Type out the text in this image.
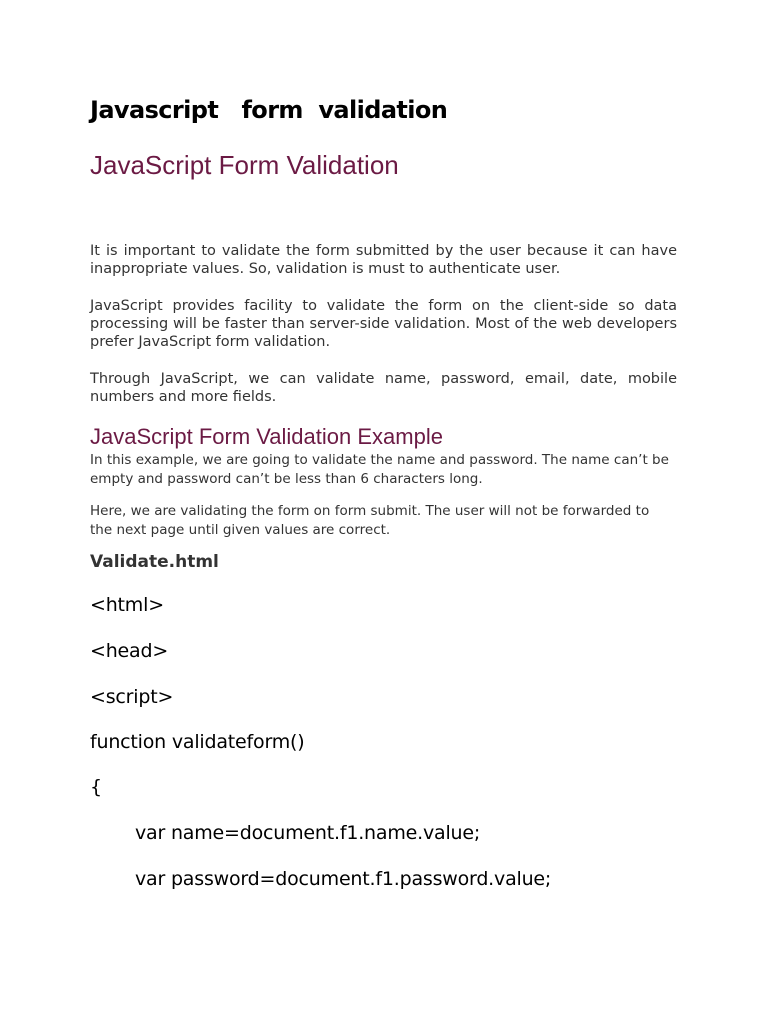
Javascript   form  validation
JavaScript Form Validation

It is important to validate the form submitted by the user because it can have inappropriate values. So, validation is must to authenticate user.

JavaScript provides facility to validate the form on the client-side so data processing will be faster than server-side validation. Most of the web developers prefer JavaScript form validation.

Through JavaScript, we can validate name, password, email, date, mobile numbers and more fields.

JavaScript Form Validation Example

In this example, we are going to validate the name and password. The name can’t be empty and password can’t be less than 6 characters long.

Here, we are validating the form on form submit. The user will not be forwarded to the next page until given values are correct.

Validate.html
<html>
<head>
<script>
function validateform()
{
var name=document.f1.name.value;
var password=document.f1.password.value;
